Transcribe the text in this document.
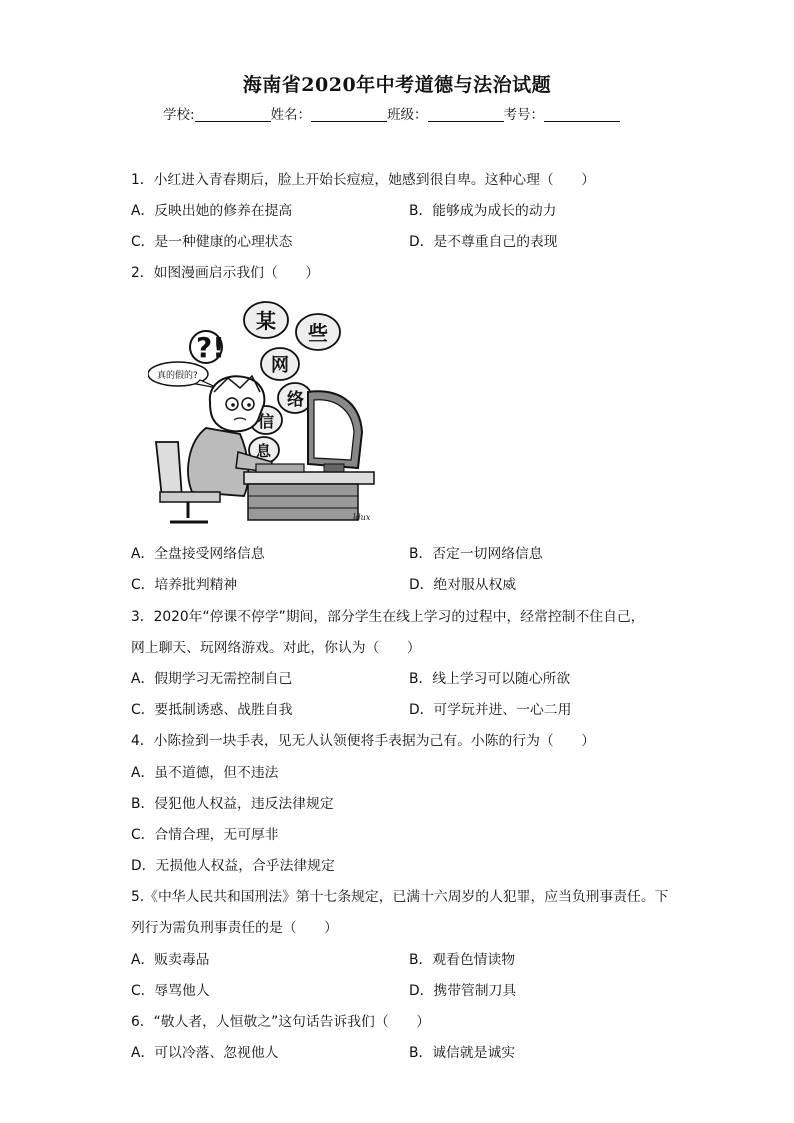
海南省2020年中考道德与法治试题
学校:	姓名：	班级：	考号：
1．小红进入青春期后，脸上开始长痘痘，她感到很自卑。这种心理（　　）
A．反映出她的修养在提高	B．能够成为成长的动力
C．是一种健康的心理状态	D．是不尊重自己的表现
2．如图漫画启示我们（　　）
?!
真的假的?
某 些
网
络
信
息
ldux
A．全盘接受网络信息	B．否定一切网络信息
C．培养批判精神	D．绝对服从权威
3．2020年“停课不停学”期间，部分学生在线上学习的过程中，经常控制不住自己，
网上聊天、玩网络游戏。对此，你认为（　　）
A．假期学习无需控制自己	B．线上学习可以随心所欲
C．要抵制诱惑、战胜自我	D．可学玩并进、一心二用
4．小陈捡到一块手表，见无人认领便将手表据为己有。小陈的行为（　　）
A．虽不道德，但不违法
B．侵犯他人权益，违反法律规定
C．合情合理，无可厚非
D．无损他人权益，合乎法律规定
5.《中华人民共和国刑法》第十七条规定，已满十六周岁的人犯罪，应当负刑事责任。下
列行为需负刑事责任的是（　　）
A．贩卖毒品	B．观看色情读物
C．辱骂他人	D．携带管制刀具
6．“敬人者，人恒敬之”这句话告诉我们（　　）
A．可以冷落、忽视他人	B．诚信就是诚实
